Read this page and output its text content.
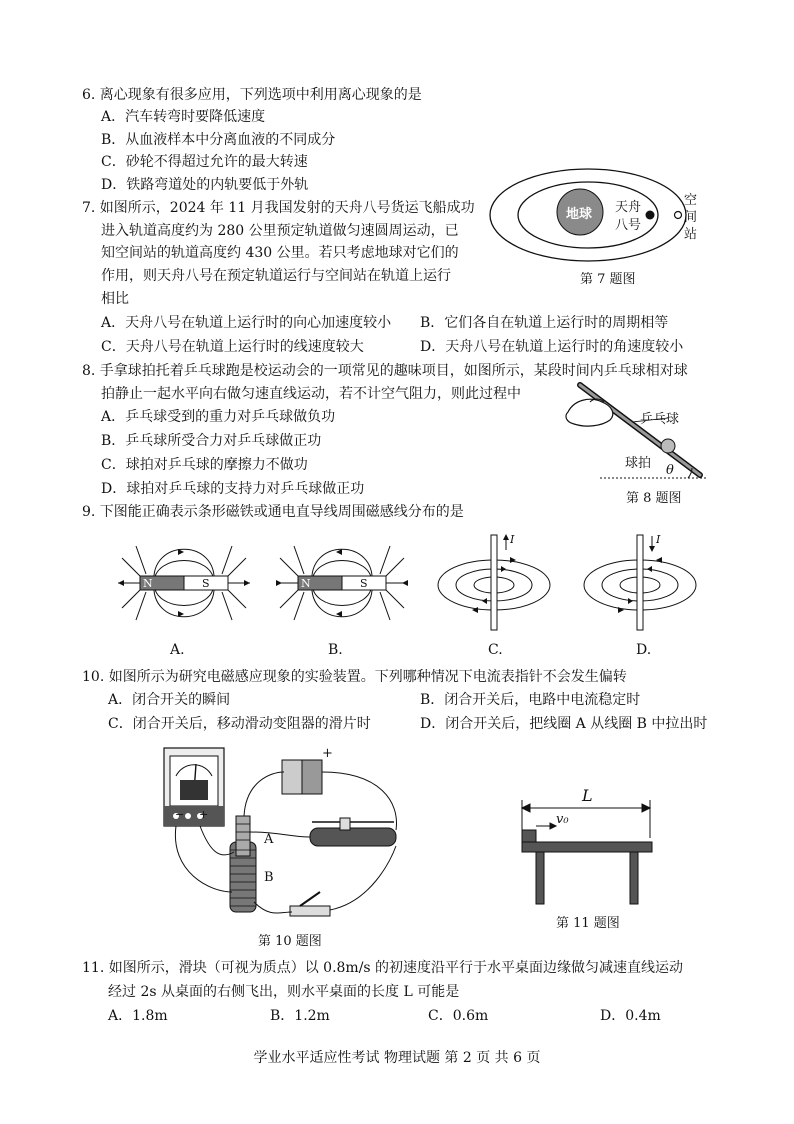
6. 离心现象有很多应用，下列选项中利用离心现象的是
A．汽车转弯时要降低速度
B．从血液样本中分离血液的不同成分
C．砂轮不得超过允许的最大转速
D．铁路弯道处的内轨要低于外轨
地球 天舟
八号
空
间
站
第 7 题图
7. 如图所示，2024 年 11 月我国发射的天舟八号货运飞船成功
进入轨道高度约为 280 公里预定轨道做匀速圆周运动，已
知空间站的轨道高度约 430 公里。若只考虑地球对它们的
作用，则天舟八号在预定轨道运行与空间站在轨道上运行
相比
A．天舟八号在轨道上运行时的向心加速度较小 B．它们各自在轨道上运行时的周期相等
C．天舟八号在轨道上运行时的线速度较大	D．天舟八号在轨道上运行时的角速度较小
8. 手拿球拍托着乒乓球跑是校运动会的一项常见的趣味项目，如图所示，某段时间内乒乓球相对球
拍静止一起水平向右做匀速直线运动，若不计空气阻力，则此过程中
A．乒乓球受到的重力对乒乓球做负功
B．乒乓球所受合力对乒乓球做正功
C．球拍对乒乓球的摩擦力不做功
D．球拍对乒乓球的支持力对乒乓球做正功
乒乓球
球拍 θ
第 8 题图
9. 下图能正确表示条形磁铁或通电直导线周围磁感线分布的是
N	S	N	S
I	I
A.	B.	C.	D.
10. 如图所示为研究电磁感应现象的实验装置。下列哪种情况下电流表指针不会发生偏转
A．闭合开关的瞬间	B．闭合开关后，电路中电流稳定时
C．闭合开关后，移动滑动变阻器的滑片时	D．闭合开关后，把线圈 A 从线圈 B 中拉出时
+
− +
A
B
第 10 题图
L
v₀
第 11 题图
11. 如图所示，滑块（可视为质点）以 0.8m/s 的初速度沿平行于水平桌面边缘做匀减速直线运动
经过 2s 从桌面的右侧飞出，则水平桌面的长度 L 可能是
A．1.8m	B．1.2m	C．0.6m	D．0.4m
学业水平适应性考试 物理试题 第 2 页 共 6 页
